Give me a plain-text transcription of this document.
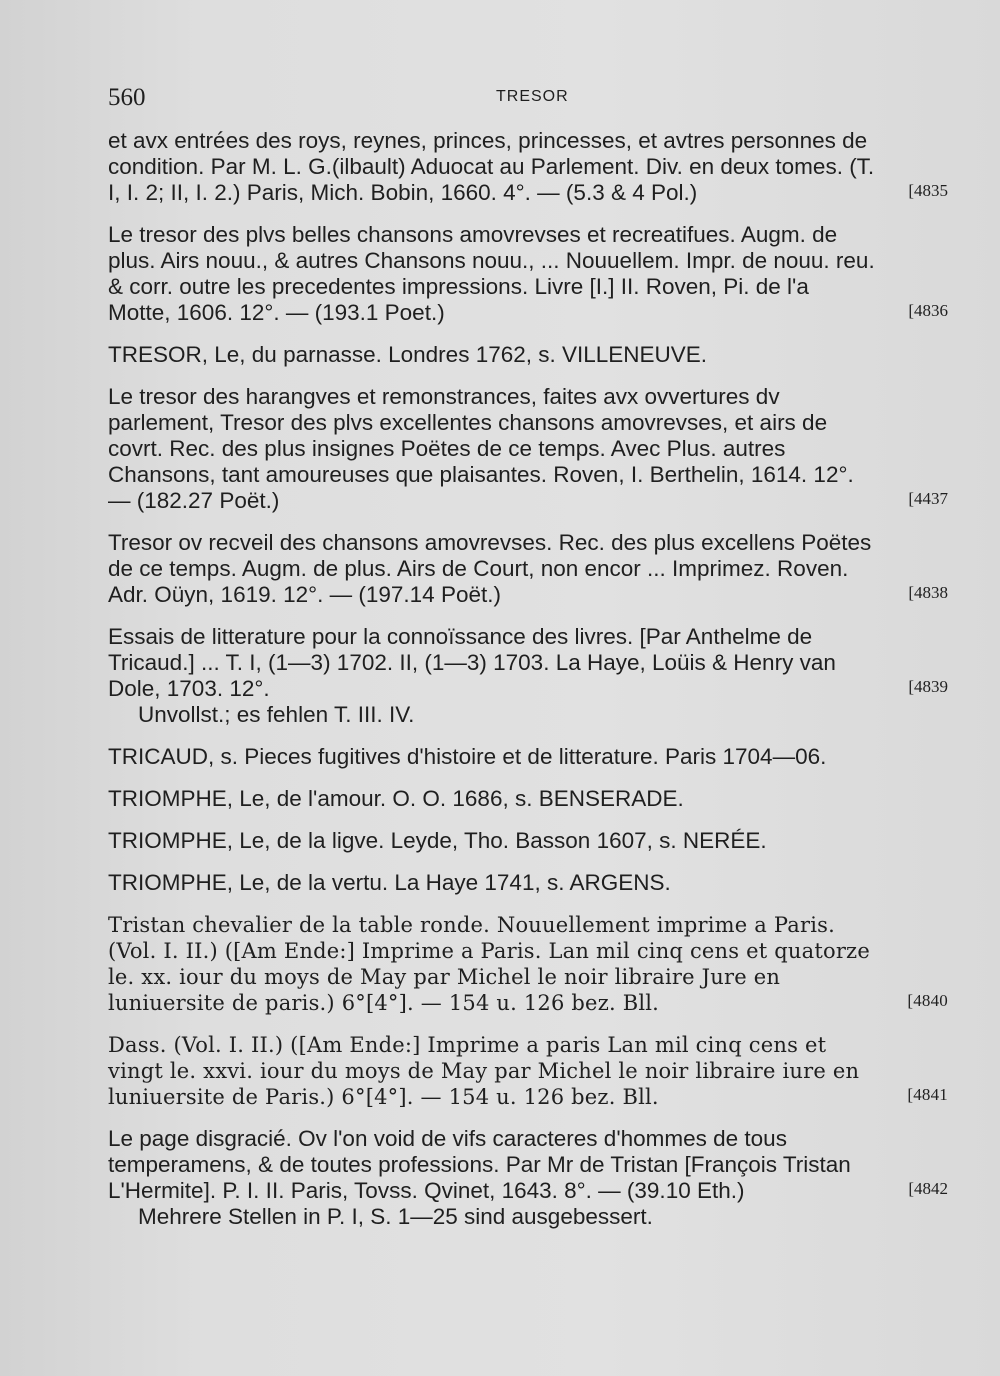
560	TRESOR
et avx entrées des roys, reynes, princes, princesses, et avtres personnes de condition. Par M. L. G.(ilbault) Aduocat au Parlement. Div. en deux tomes. (T. I, I. 2; II, I. 2.) Paris, Mich. Bobin, 1660. 4°. — (5.3 & 4 Pol.)	[4835
Le tresor des plvs belles chansons amovrevses et recreatifues. Augm. de plus. Airs nouu., & autres Chansons nouu., ... Nouuellem. Impr. de nouu. reu. & corr. outre les precedentes impressions. Livre [I.] II. Roven, Pi. de l'a Motte, 1606. 12°. — (193.1 Poet.)	[4836
TRESOR, Le, du parnasse. Londres 1762, s. VILLENEUVE.
Le tresor des harangves et remonstrances, faites avx ovvertures dv parlement, Tresor des plvs excellentes chansons amovrevses, et airs de covrt. Rec. des plus insignes Poëtes de ce temps. Avec Plus. autres Chansons, tant amoureuses que plaisantes. Roven, I. Berthelin, 1614. 12°. — (182.27 Poët.)	[4437
Tresor ov recveil des chansons amovrevses. Rec. des plus excellens Poëtes de ce temps. Augm. de plus. Airs de Court, non encor ... Imprimez. Roven. Adr. Oüyn, 1619. 12°. — (197.14 Poët.)	[4838
Essais de litterature pour la connoïssance des livres. [Par Anthelme de Tricaud.] ... T. I, (1—3) 1702. II, (1—3) 1703. La Haye, Loüis & Henry van Dole, 1703. 12°.	[4839
Unvollst.; es fehlen T. III. IV.
TRICAUD, s. Pieces fugitives d'histoire et de litterature. Paris 1704—06.
TRIOMPHE, Le, de l'amour. O. O. 1686, s. BENSERADE.
TRIOMPHE, Le, de la ligve. Leyde, Tho. Basson 1607, s. NERÉE.
TRIOMPHE, Le, de la vertu. La Haye 1741, s. ARGENS.
Tristan chevalier de la table ronde. Nouuellement imprime a Paris. (Vol. I. II.) ([Am Ende:] Imprime a Paris. Lan mil cinq cens et quatorze le. xx. iour du moys de May par Michel le noir libraire Jure en luniuersite de paris.) 6°[4°]. — 154 u. 126 bez. Bll.	[4840
Dass. (Vol. I. II.) ([Am Ende:] Imprime a paris Lan mil cinq cens et vingt le. xxvi. iour du moys de May par Michel le noir libraire iure en luniuersite de Paris.) 6°[4°]. — 154 u. 126 bez. Bll.	[4841
Le page disgracié. Ov l'on void de vifs caracteres d'hommes de tous temperamens, & de toutes professions. Par Mr de Tristan [François Tristan L'Hermite]. P. I. II. Paris, Tovss. Qvinet, 1643. 8°. — (39.10 Eth.)	[4842
Mehrere Stellen in P. I, S. 1—25 sind ausgebessert.
